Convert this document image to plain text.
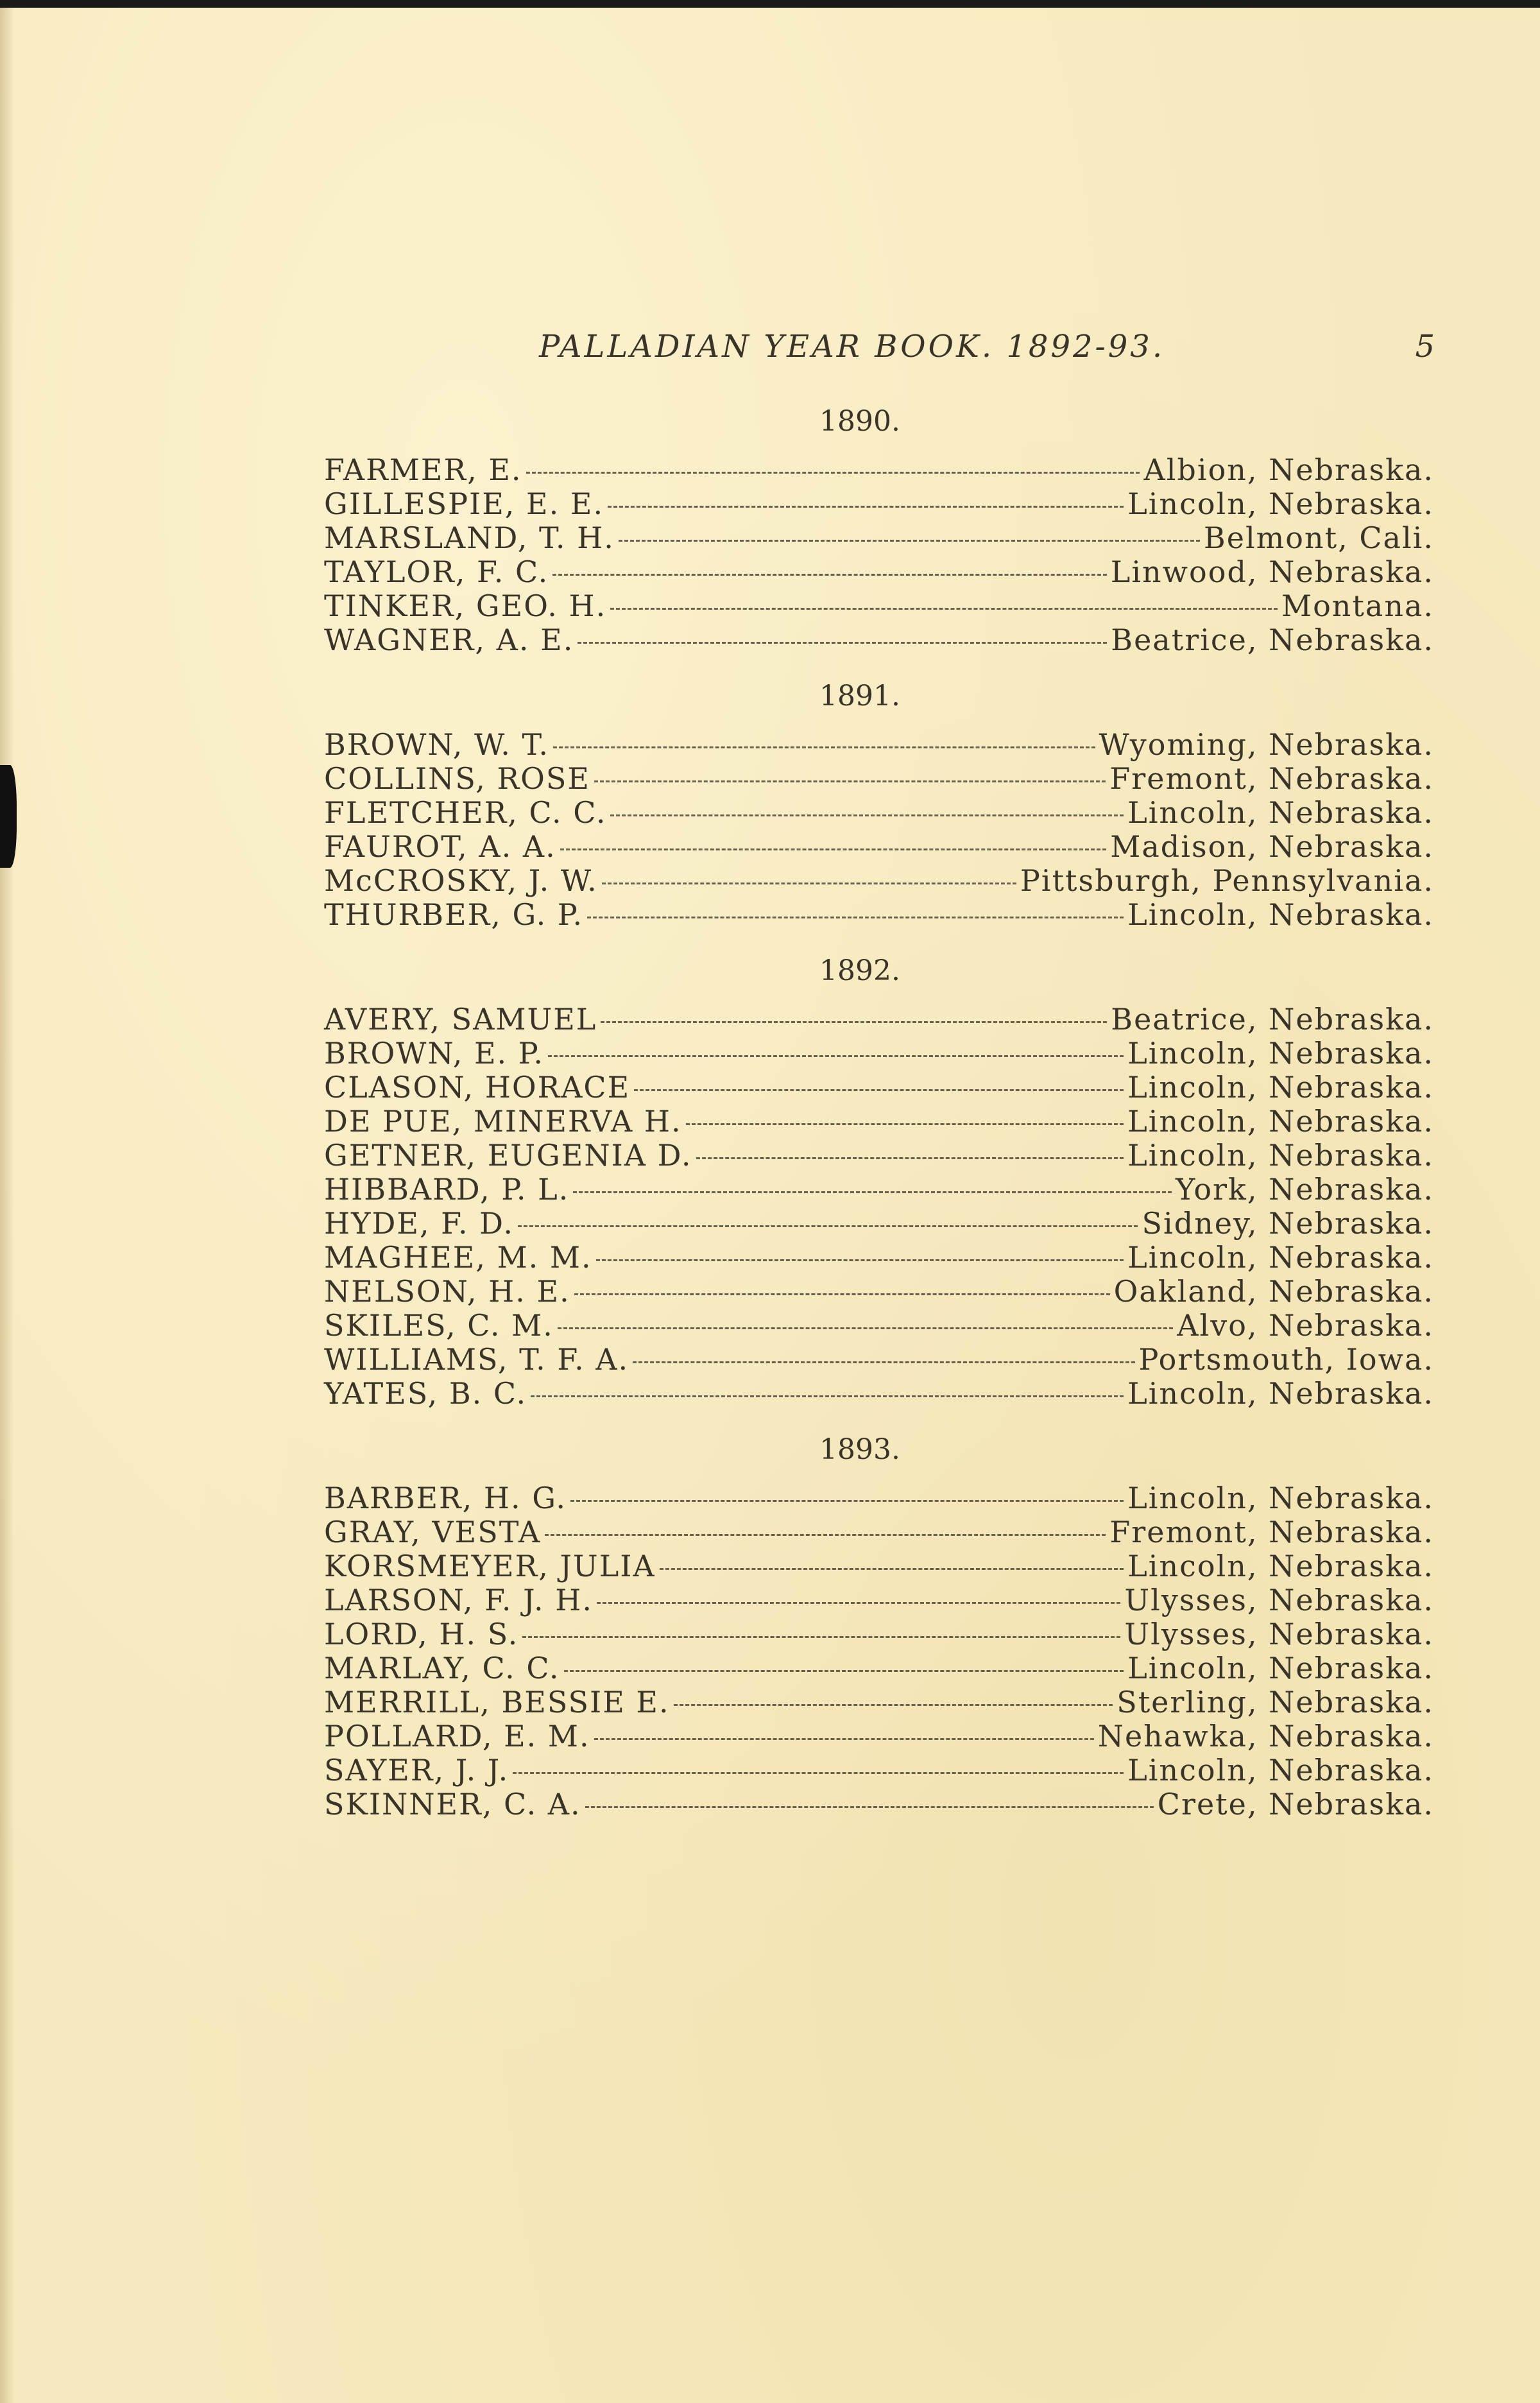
PALLADIAN YEAR BOOK. 1892-93.	5
1890.
FARMER, E.	Albion, Nebraska.
GILLESPIE, E. E.	Lincoln, Nebraska.
MARSLAND, T. H.	Belmont, Cali.
TAYLOR, F. C.	Linwood, Nebraska.
TINKER, GEO. H.	Montana.
WAGNER, A. E.	Beatrice, Nebraska.
1891.
BROWN, W. T.	Wyoming, Nebraska.
COLLINS, ROSE	Fremont, Nebraska.
FLETCHER, C. C.	Lincoln, Nebraska.
FAUROT, A. A.	Madison, Nebraska.
McCROSKY, J. W.	Pittsburgh, Pennsylvania.
THURBER, G. P.	Lincoln, Nebraska.
1892.
AVERY, SAMUEL	Beatrice, Nebraska.
BROWN, E. P.	Lincoln, Nebraska.
CLASON, HORACE	Lincoln, Nebraska.
DE PUE, MINERVA H.	Lincoln, Nebraska.
GETNER, EUGENIA D.	Lincoln, Nebraska.
HIBBARD, P. L.	York, Nebraska.
HYDE, F. D.	Sidney, Nebraska.
MAGHEE, M. M.	Lincoln, Nebraska.
NELSON, H. E.	Oakland, Nebraska.
SKILES, C. M.	Alvo, Nebraska.
WILLIAMS, T. F. A.	Portsmouth, Iowa.
YATES, B. C.	Lincoln, Nebraska.
1893.
BARBER, H. G.	Lincoln, Nebraska.
GRAY, VESTA	Fremont, Nebraska.
KORSMEYER, JULIA	Lincoln, Nebraska.
LARSON, F. J. H.	Ulysses, Nebraska.
LORD, H. S.	Ulysses, Nebraska.
MARLAY, C. C.	Lincoln, Nebraska.
MERRILL, BESSIE E.	Sterling, Nebraska.
POLLARD, E. M.	Nehawka, Nebraska.
SAYER, J. J.	Lincoln, Nebraska.
SKINNER, C. A.	Crete, Nebraska.
